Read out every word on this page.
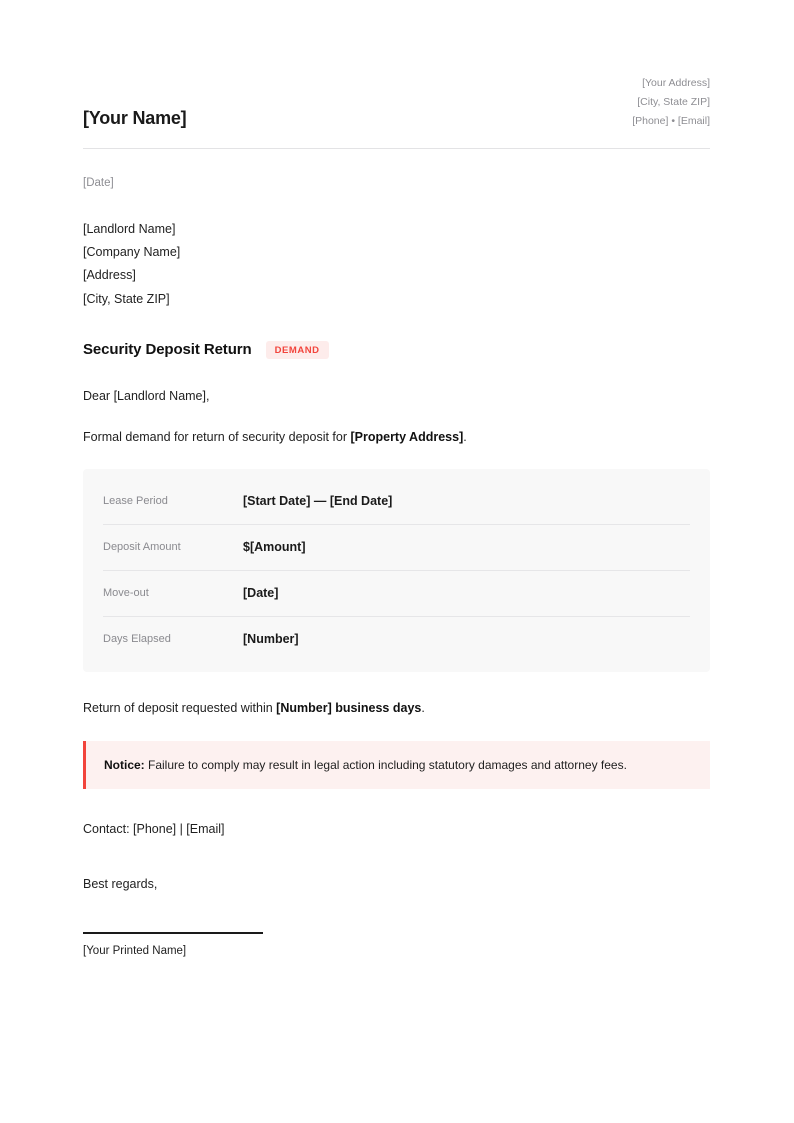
[Your Name]
[Your Address]
[City, State ZIP]
[Phone] • [Email]
[Date]
[Landlord Name]
[Company Name]
[Address]
[City, State ZIP]
Security Deposit Return	DEMAND

Dear [Landlord Name],

Formal demand for return of security deposit for [Property Address].

Lease Period	[Start Date] — [End Date]
Deposit Amount	$[Amount]
Move-out	[Date]
Days Elapsed	[Number]

Return of deposit requested within [Number] business days.

Notice: Failure to comply may result in legal action including statutory damages and attorney fees.

Contact: [Phone] | [Email]

Best regards,

[Your Printed Name]
